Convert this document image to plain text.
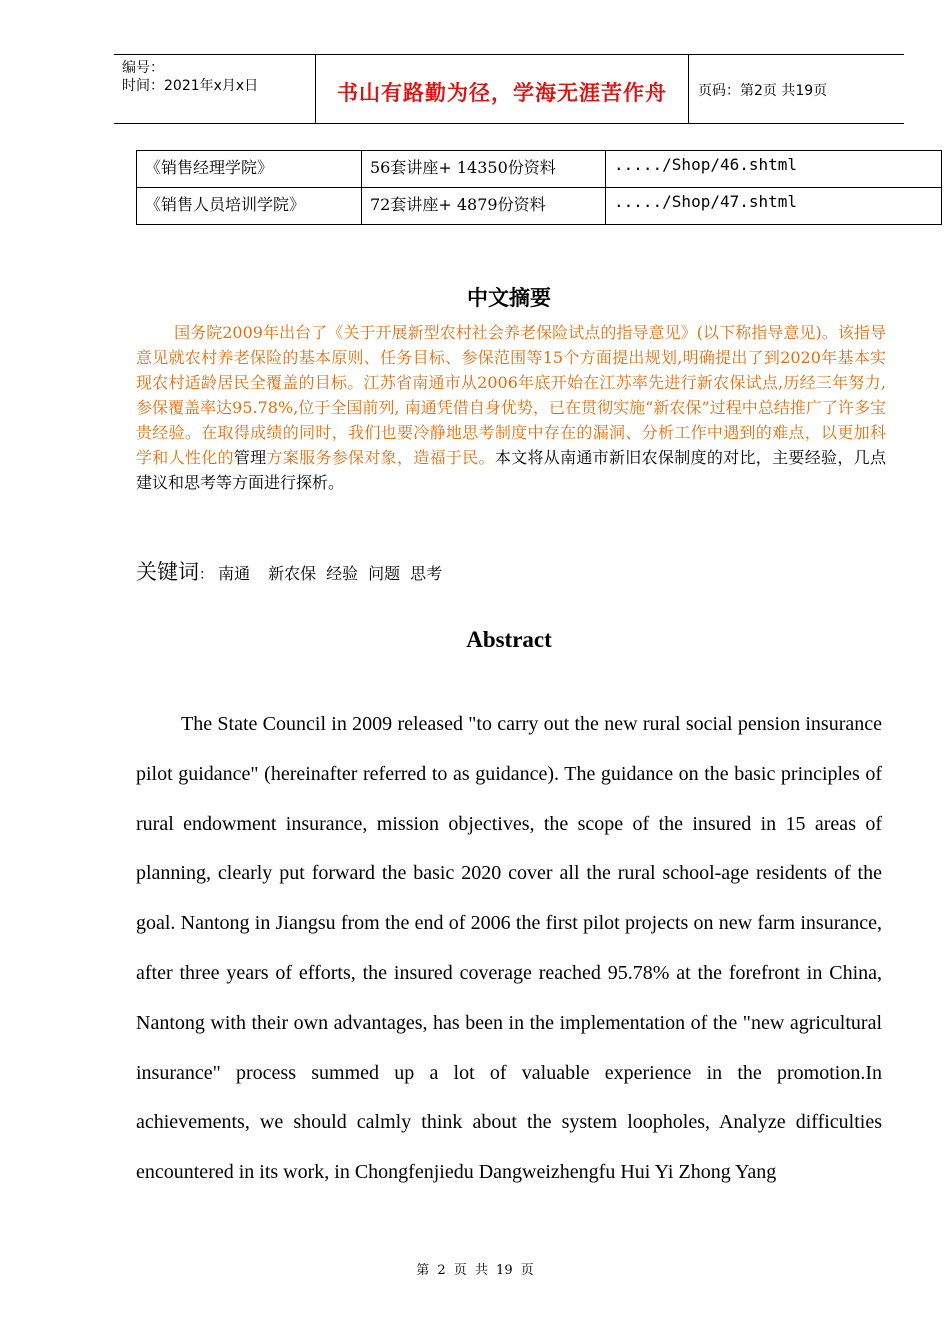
编号：
时间：2021年x月x日	书山有路勤为径，学海无涯苦作舟	页码：第2页 共19页
《销售经理学院》	56套讲座+ 14350份资料	...../Shop/46.shtml
《销售人员培训学院》	72套讲座+ 4879份资料	...../Shop/47.shtml
中文摘要
国务院2009年出台了《关于开展新型农村社会养老保险试点的指导意见》(以下称指导意见)。该指导意见就农村养老保险的基本原则、任务目标、参保范围等15个方面提出规划,明确提出了到2020年基本实现农村适龄居民全覆盖的目标。江苏省南通市从2006年底开始在江苏率先进行新农保试点,历经三年努力,参保覆盖率达95.78%,位于全国前列, 南通凭借自身优势，已在贯彻实施“新农保”过程中总结推广了许多宝贵经验。在取得成绩的同时，我们也要冷静地思考制度中存在的漏洞、分析工作中遇到的难点，以更加科学和人性化的管理方案服务参保对象，造福于民。本文将从南通市新旧农保制度的对比，主要经验，几点建议和思考等方面进行探析。
关键词： 南通 新农保 经验 问题 思考
Abstract

The State Council in 2009 released "to carry out the new rural social pension insurance pilot guidance" (hereinafter referred to as guidance). The guidance on the basic principles of rural endowment insurance, mission objectives, the scope of the insured in 15 areas of planning, clearly put forward the basic 2020 cover all the rural school-age residents of the goal. Nantong in Jiangsu from the end of 2006 the first pilot projects on new farm insurance, after three years of efforts, the insured coverage reached 95.78% at the forefront in China, Nantong with their own advantages, has been in the implementation of the "new agricultural insurance" process summed up a lot of valuable experience in the promotion.In achievements, we should calmly think about the system loopholes, Analyze difficulties encountered in its work, in Chongfenjiedu Dangweizhengfu Hui Yi Zhong Yang

第 2 页 共 19 页
